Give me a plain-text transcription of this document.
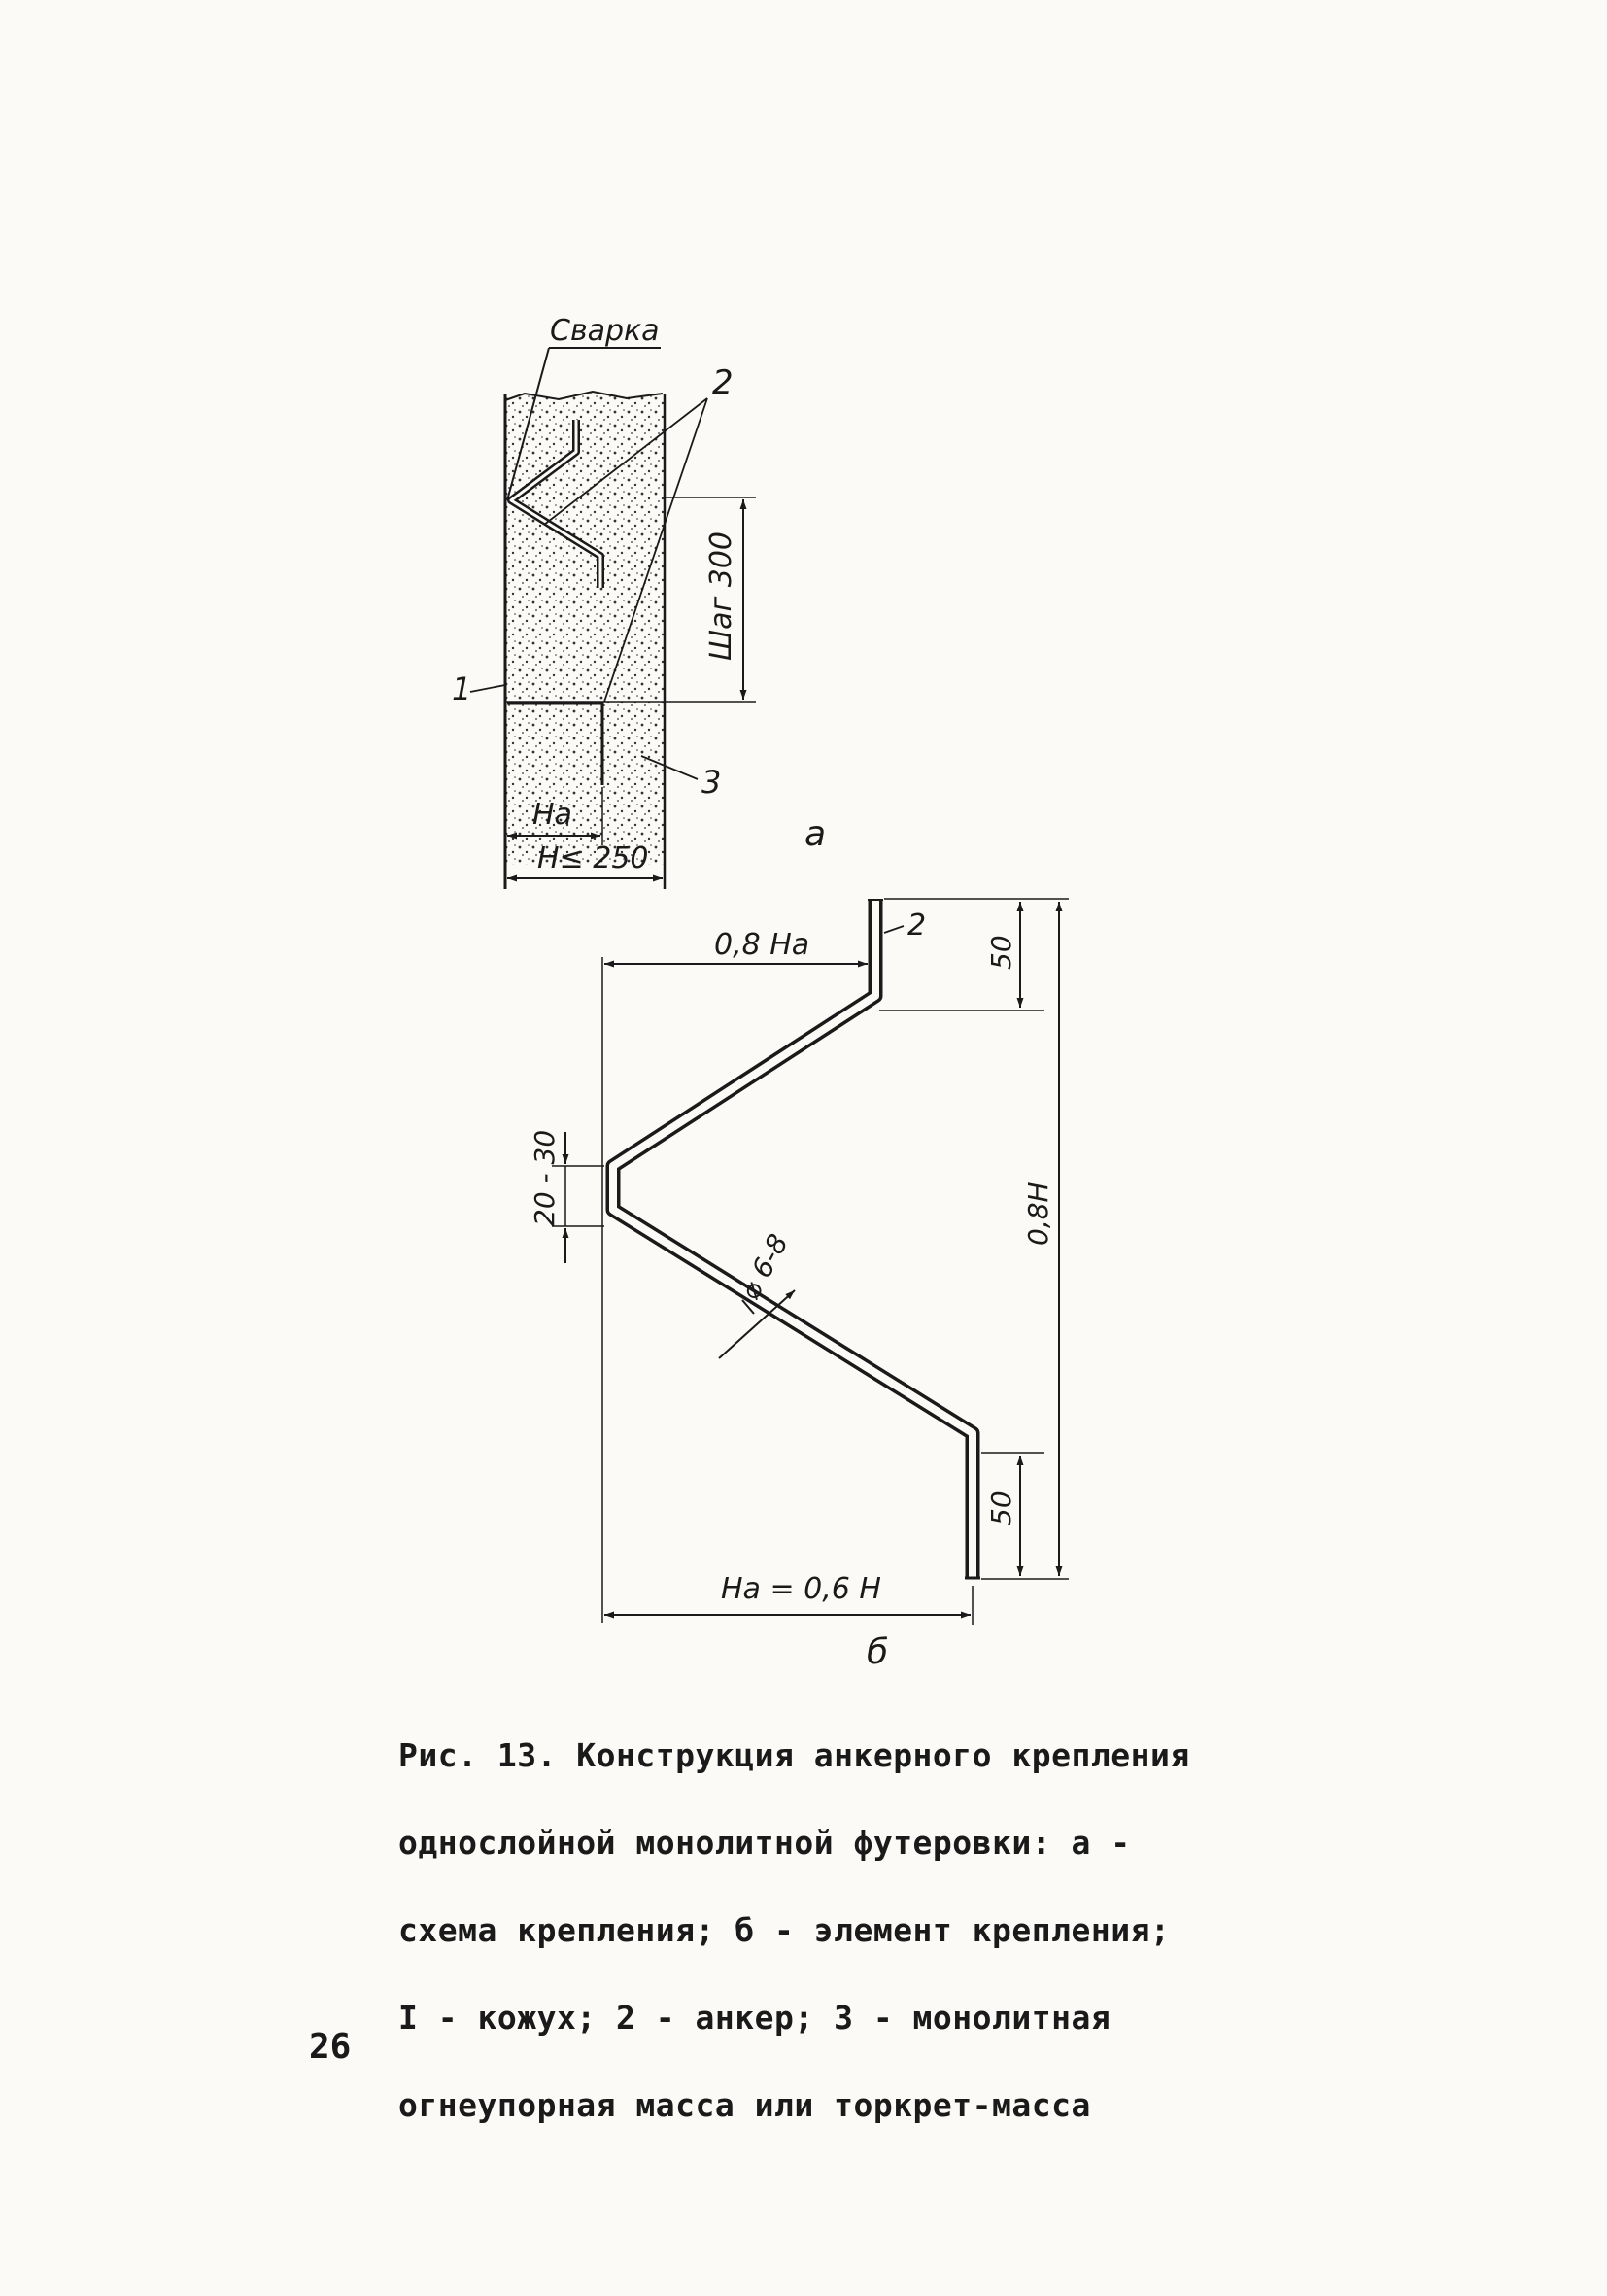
Сварка
2
1
3
Шаг 300
Ha
H≤ 250
a
0,8 Ha
2
50
50
0,8H
20 - 30
⌀ 6-8
Ha = 0,6 H
б

Рис. 13. Конструкция анкерного крепления

однослойной монолитной футеровки: а -

схема крепления; б - элемент крепления;

I - кожух; 2 - анкер; 3 - монолитная

огнеупорная масса или торкрет-масса

26
